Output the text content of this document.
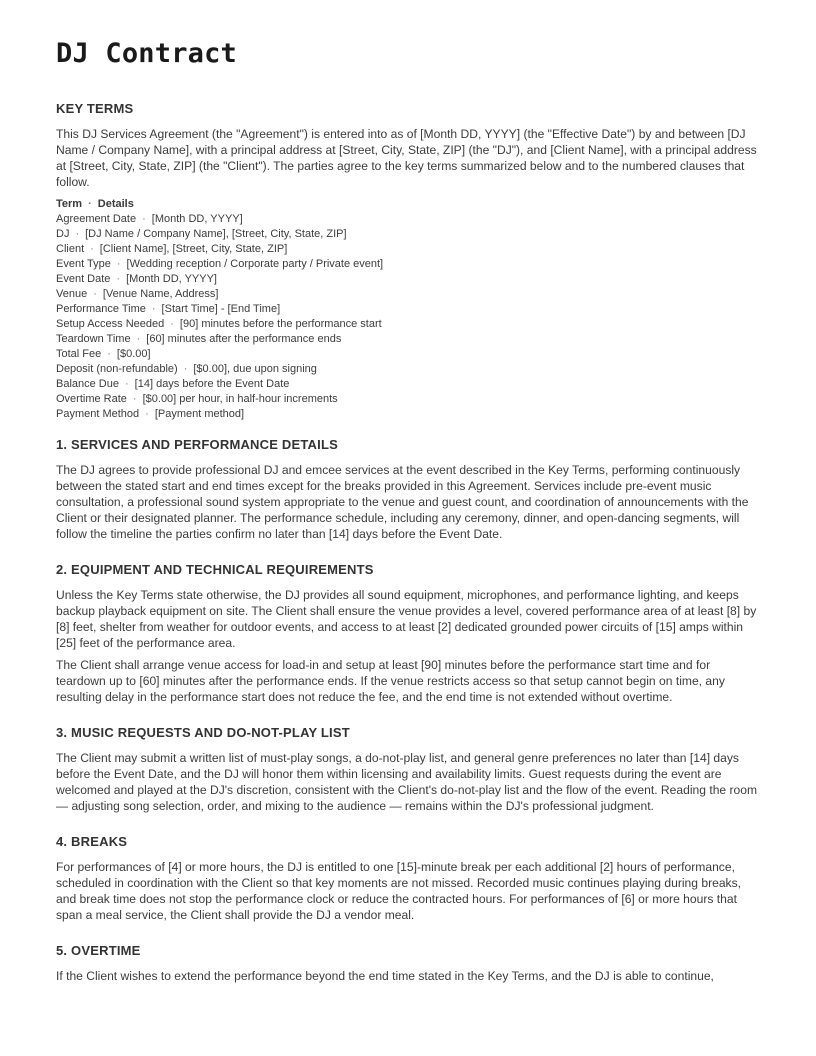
DJ Contract
KEY TERMS

This DJ Services Agreement (the "Agreement") is entered into as of [Month DD, YYYY] (the "Effective Date") by and between [DJ Name / Company Name], with a principal address at [Street, City, State, ZIP] (the "DJ"), and [Client Name], with a principal address at [Street, City, State, ZIP] (the "Client"). The parties agree to the key terms summarized below and to the numbered clauses that follow.

Term · Details
Agreement Date · [Month DD, YYYY]
DJ · [DJ Name / Company Name], [Street, City, State, ZIP]
Client · [Client Name], [Street, City, State, ZIP]
Event Type · [Wedding reception / Corporate party / Private event]
Event Date · [Month DD, YYYY]
Venue · [Venue Name, Address]
Performance Time · [Start Time] - [End Time]
Setup Access Needed · [90] minutes before the performance start
Teardown Time · [60] minutes after the performance ends
Total Fee · [$0.00]
Deposit (non-refundable) · [$0.00], due upon signing
Balance Due · [14] days before the Event Date
Overtime Rate · [$0.00] per hour, in half-hour increments
Payment Method · [Payment method]
1. SERVICES AND PERFORMANCE DETAILS

The DJ agrees to provide professional DJ and emcee services at the event described in the Key Terms, performing continuously between the stated start and end times except for the breaks provided in this Agreement. Services include pre-event music consultation, a professional sound system appropriate to the venue and guest count, and coordination of announcements with the Client or their designated planner. The performance schedule, including any ceremony, dinner, and open-dancing segments, will follow the timeline the parties confirm no later than [14] days before the Event Date.

2. EQUIPMENT AND TECHNICAL REQUIREMENTS

Unless the Key Terms state otherwise, the DJ provides all sound equipment, microphones, and performance lighting, and keeps backup playback equipment on site. The Client shall ensure the venue provides a level, covered performance area of at least [8] by [8] feet, shelter from weather for outdoor events, and access to at least [2] dedicated grounded power circuits of [15] amps within [25] feet of the performance area.

The Client shall arrange venue access for load-in and setup at least [90] minutes before the performance start time and for teardown up to [60] minutes after the performance ends. If the venue restricts access so that setup cannot begin on time, any resulting delay in the performance start does not reduce the fee, and the end time is not extended without overtime.

3. MUSIC REQUESTS AND DO-NOT-PLAY LIST

The Client may submit a written list of must-play songs, a do-not-play list, and general genre preferences no later than [14] days before the Event Date, and the DJ will honor them within licensing and availability limits. Guest requests during the event are welcomed and played at the DJ's discretion, consistent with the Client's do-not-play list and the flow of the event. Reading the room — adjusting song selection, order, and mixing to the audience — remains within the DJ's professional judgment.

4. BREAKS

For performances of [4] or more hours, the DJ is entitled to one [15]-minute break per each additional [2] hours of performance, scheduled in coordination with the Client so that key moments are not missed. Recorded music continues playing during breaks, and break time does not stop the performance clock or reduce the contracted hours. For performances of [6] or more hours that span a meal service, the Client shall provide the DJ a vendor meal.

5. OVERTIME

If the Client wishes to extend the performance beyond the end time stated in the Key Terms, and the DJ is able to continue,
